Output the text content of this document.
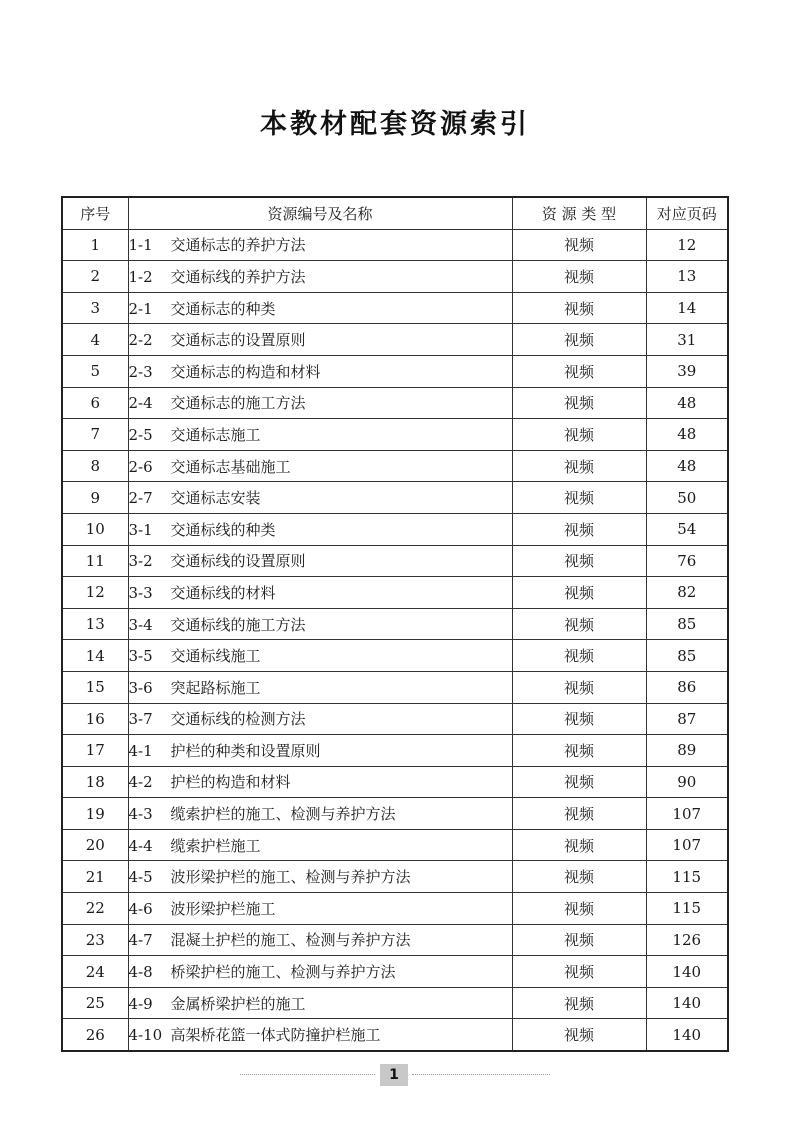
本教材配套资源索引
序号	资源编号及名称	资 源 类 型	对应页码
1	1-1 交通标志的养护方法	视频	12
2	1-2 交通标线的养护方法	视频	13
3	2-1 交通标志的种类	视频	14
4	2-2 交通标志的设置原则	视频	31
5	2-3 交通标志的构造和材料	视频	39
6	2-4 交通标志的施工方法	视频	48
7	2-5 交通标志施工	视频	48
8	2-6 交通标志基础施工	视频	48
9	2-7 交通标志安装	视频	50
10	3-1 交通标线的种类	视频	54
11	3-2 交通标线的设置原则	视频	76
12	3-3 交通标线的材料	视频	82
13	3-4 交通标线的施工方法	视频	85
14	3-5 交通标线施工	视频	85
15	3-6 突起路标施工	视频	86
16	3-7 交通标线的检测方法	视频	87
17	4-1 护栏的种类和设置原则	视频	89
18	4-2 护栏的构造和材料	视频	90
19	4-3 缆索护栏的施工、检测与养护方法	视频	107
20	4-4 缆索护栏施工	视频	107
21	4-5 波形梁护栏的施工、检测与养护方法	视频	115
22	4-6 波形梁护栏施工	视频	115
23	4-7 混凝土护栏的施工、检测与养护方法	视频	126
24	4-8 桥梁护栏的施工、检测与养护方法	视频	140
25	4-9 金属桥梁护栏的施工	视频	140
26	4-10 高架桥花篮一体式防撞护栏施工	视频	140
1
